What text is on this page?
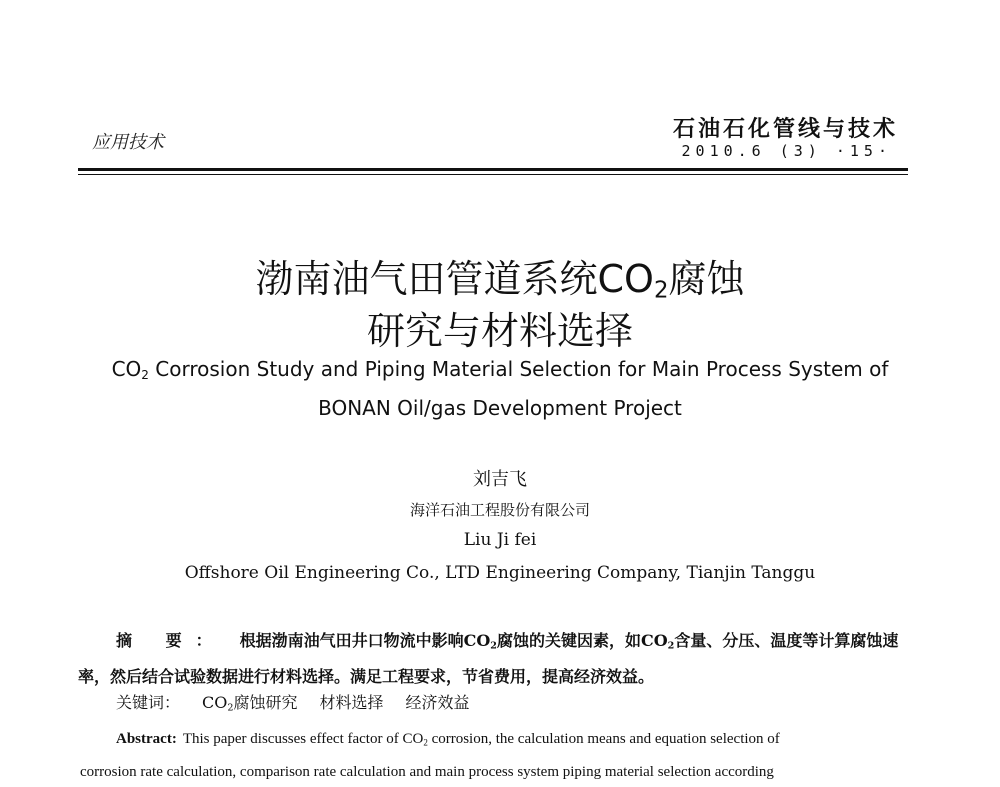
应用技术
石油石化管线与技术
2010.6 (3) ·15·
渤南油气田管道系统$CO_2$腐蚀
研究与材料选择
$CO_2$ Corrosion Study and Piping Material Selection for Main Process System of
BONAN Oil/gas Development Project
刘吉飞
海洋石油工程股份有限公司
Liu Ji fei
Offshore Oil Engineering Co., LTD Engineering Company, Tianjin Tanggu
摘 要： 根据渤南油气田井口物流中影响$CO_2$腐蚀的关键因素，如$CO_2$含量、分压、温度等计算腐蚀速率，然后结合试验数据进行材料选择。满足工程要求，节省费用，提高经济效益。
关键词： $CO_2$腐蚀研究 材料选择 经济效益
Abstract: This paper discusses effect factor of $CO_2$ corrosion, the calculation means and equation selection of
corrosion rate calculation, comparison rate calculation and main process system piping material selection according
